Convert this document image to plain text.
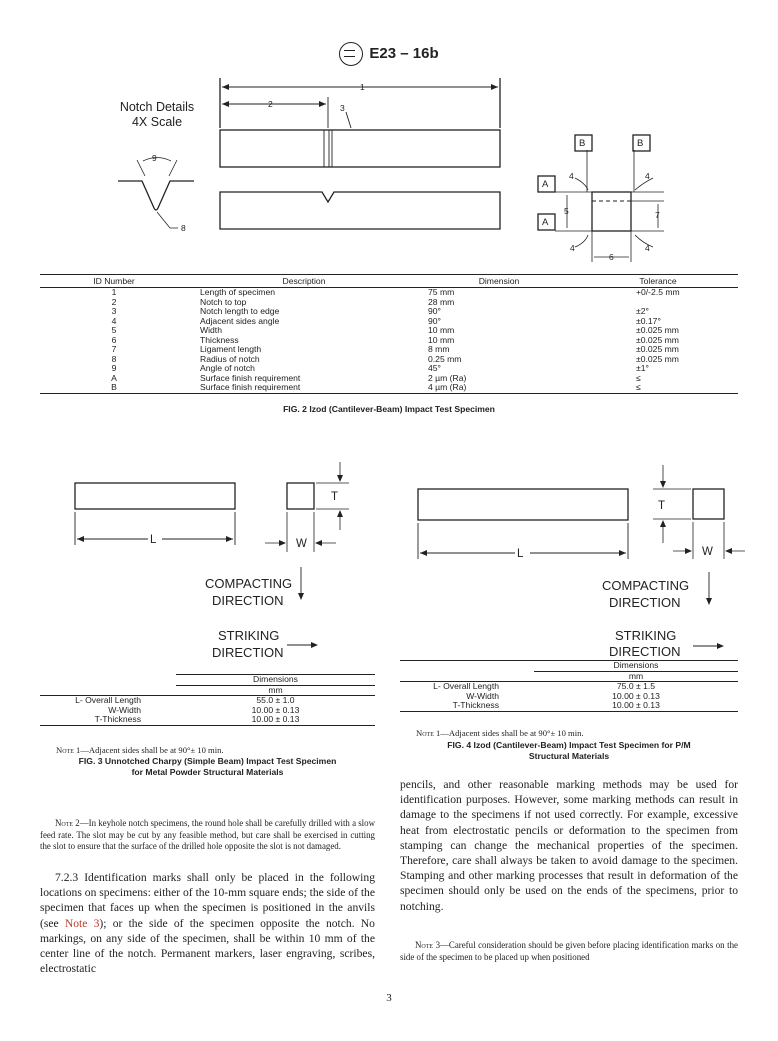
E23 – 16b
1
2	3
9
8
4	4
4	4
5
6
7
B	B
A
A
Notch Details
4X Scale
ID Number	Description	Dimension	Tolerance
1	Length of specimen	75 mm	+0/-2.5 mm
2	Notch to top	28 mm	
3	Notch length to edge	90°	±2°
4	Adjacent sides angle	90°	±0.17°
5	Width	10 mm	±0.025 mm
6	Thickness	10 mm	±0.025 mm
7	Ligament length	8 mm	±0.025 mm
8	Radius of notch	0.25 mm	±0.025 mm
9	Angle of notch	45°	±1°
A	Surface finish requirement	2 µm (Ra)	≤
B	Surface finish requirement	4 µm (Ra)	≤
FIG. 2 Izod (Cantilever-Beam) Impact Test Specimen
L
T
W
COMPACTING
DIRECTION
STRIKING
DIRECTION
	Dimensions
	mm
L- Overall Length	55.0 ± 1.0
W-Width	10.00 ± 0.13
T-Thickness	10.00 ± 0.13
Note 1—Adjacent sides shall be at 90°± 10 min.
FIG. 3 Unnotched Charpy (Simple Beam) Impact Test Specimen
for Metal Powder Structural Materials
L
T
W
COMPACTING
DIRECTION
STRIKING
DIRECTION
	Dimensions
	mm
L- Overall Length	75.0 ± 1.5
W-Width	10.00 ± 0.13
T-Thickness	10.00 ± 0.13
Note 1—Adjacent sides shall be at 90°± 10 min.
FIG. 4 Izod (Cantilever-Beam) Impact Test Specimen for P/M
Structural Materials
Note 2—In keyhole notch specimens, the round hole shall be carefully drilled with a slow feed rate. The slot may be cut by any feasible method, but care shall be exercised in cutting the slot to ensure that the surface of the drilled hole opposite the slot is not damaged.
7.2.3 Identification marks shall only be placed in the following locations on specimens: either of the 10-mm square ends; the side of the specimen that faces up when the specimen is positioned in the anvils (see Note 3); or the side of the specimen opposite the notch. No markings, on any side of the specimen, shall be within 10 mm of the center line of the notch. Permanent markers, laser engraving, scribes, electrostatic
pencils, and other reasonable marking methods may be used for identification purposes. However, some marking methods can result in damage to the specimens if not used correctly. For example, excessive heat from electrostatic pencils or deformation to the specimen from stamping can change the mechanical properties of the specimen. Therefore, care shall always be taken to avoid damage to the specimen. Stamping and other marking processes that result in deformation of the specimen should only be used on the ends of the specimens, prior to notching.
Note 3—Careful consideration should be given before placing identification marks on the side of the specimen to be placed up when positioned
3
